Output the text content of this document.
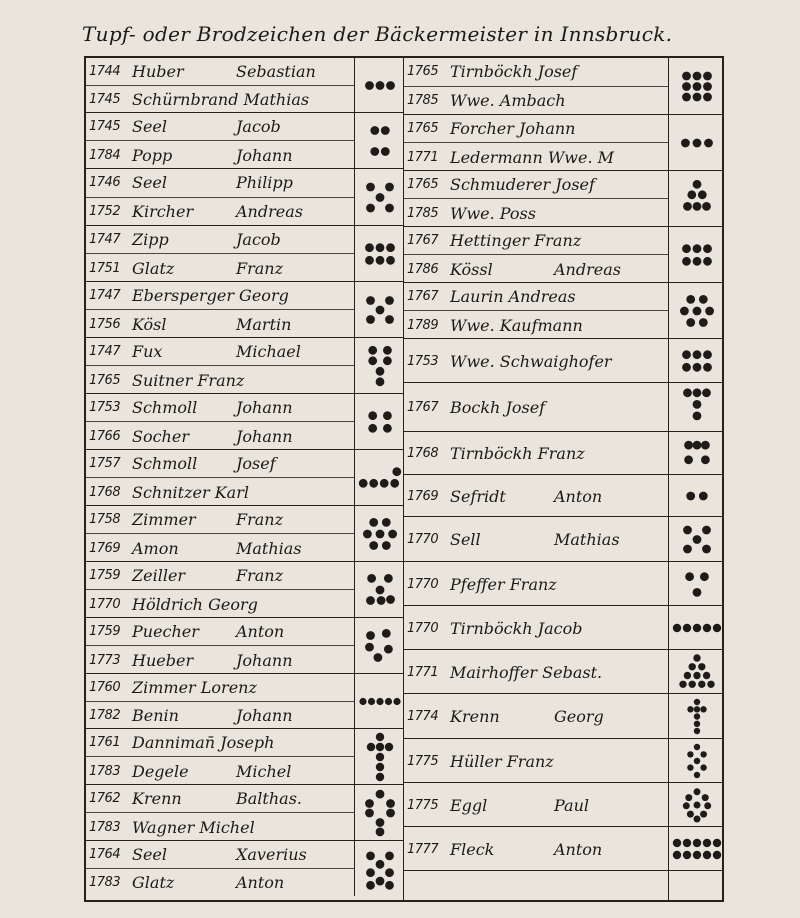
Tupf- oder Brodzeichen der Bäckermeister in Innsbruck.
1744 Huber	Sebastian
1745 Schürnbrand Mathias
1745 Seel	Jacob
1784 Popp	Johann
1746 Seel	Philipp
1752 Kircher	Andreas
1747 Zipp	Jacob
1751 Glatz	Franz
1747 Ebersperger Georg
1756 Kösl	Martin
1747 Fux	Michael
1765 Suitner Franz
1753 Schmoll Johann
1766 Socher	Johann
1757 Schmoll Josef
1768 Schnitzer Karl
1758 Zimmer	Franz
1769 Amon	Mathias
1759 Zeiller	Franz
1770 Höldrich Georg
1759 Puecher Anton
1773 Hueber	Johann
1760 Zimmer Lorenz
1782 Benin	Johann
1761 Danniman̄ Joseph
1783 Degele	Michel
1762 Krenn	Balthas.
1783 Wagner Michel
1764 Seel	Xaverius
1783 Glatz	Anton
1765 Tirnböckh Josef
1785 Wwe. Ambach
1765 Forcher Johann
1771 Ledermann Wwe. M
1765 Schmuderer Josef
1785 Wwe. Poss
1767 Hettinger Franz
1786 Kössl	Andreas
1767 Laurin Andreas
1789 Wwe. Kaufmann
1753 Wwe. Schwaighofer
1767 Bockh Josef
1768 Tirnböckh Franz
1769 Sefridt	Anton
1770 Sell	Mathias
1770 Pfeffer Franz
1770 Tirnböckh Jacob
1771 Mairhoffer Sebast.
1774 Krenn	Georg
1775 Hüller Franz
1775 Eggl	Paul
1777 Fleck	Anton
